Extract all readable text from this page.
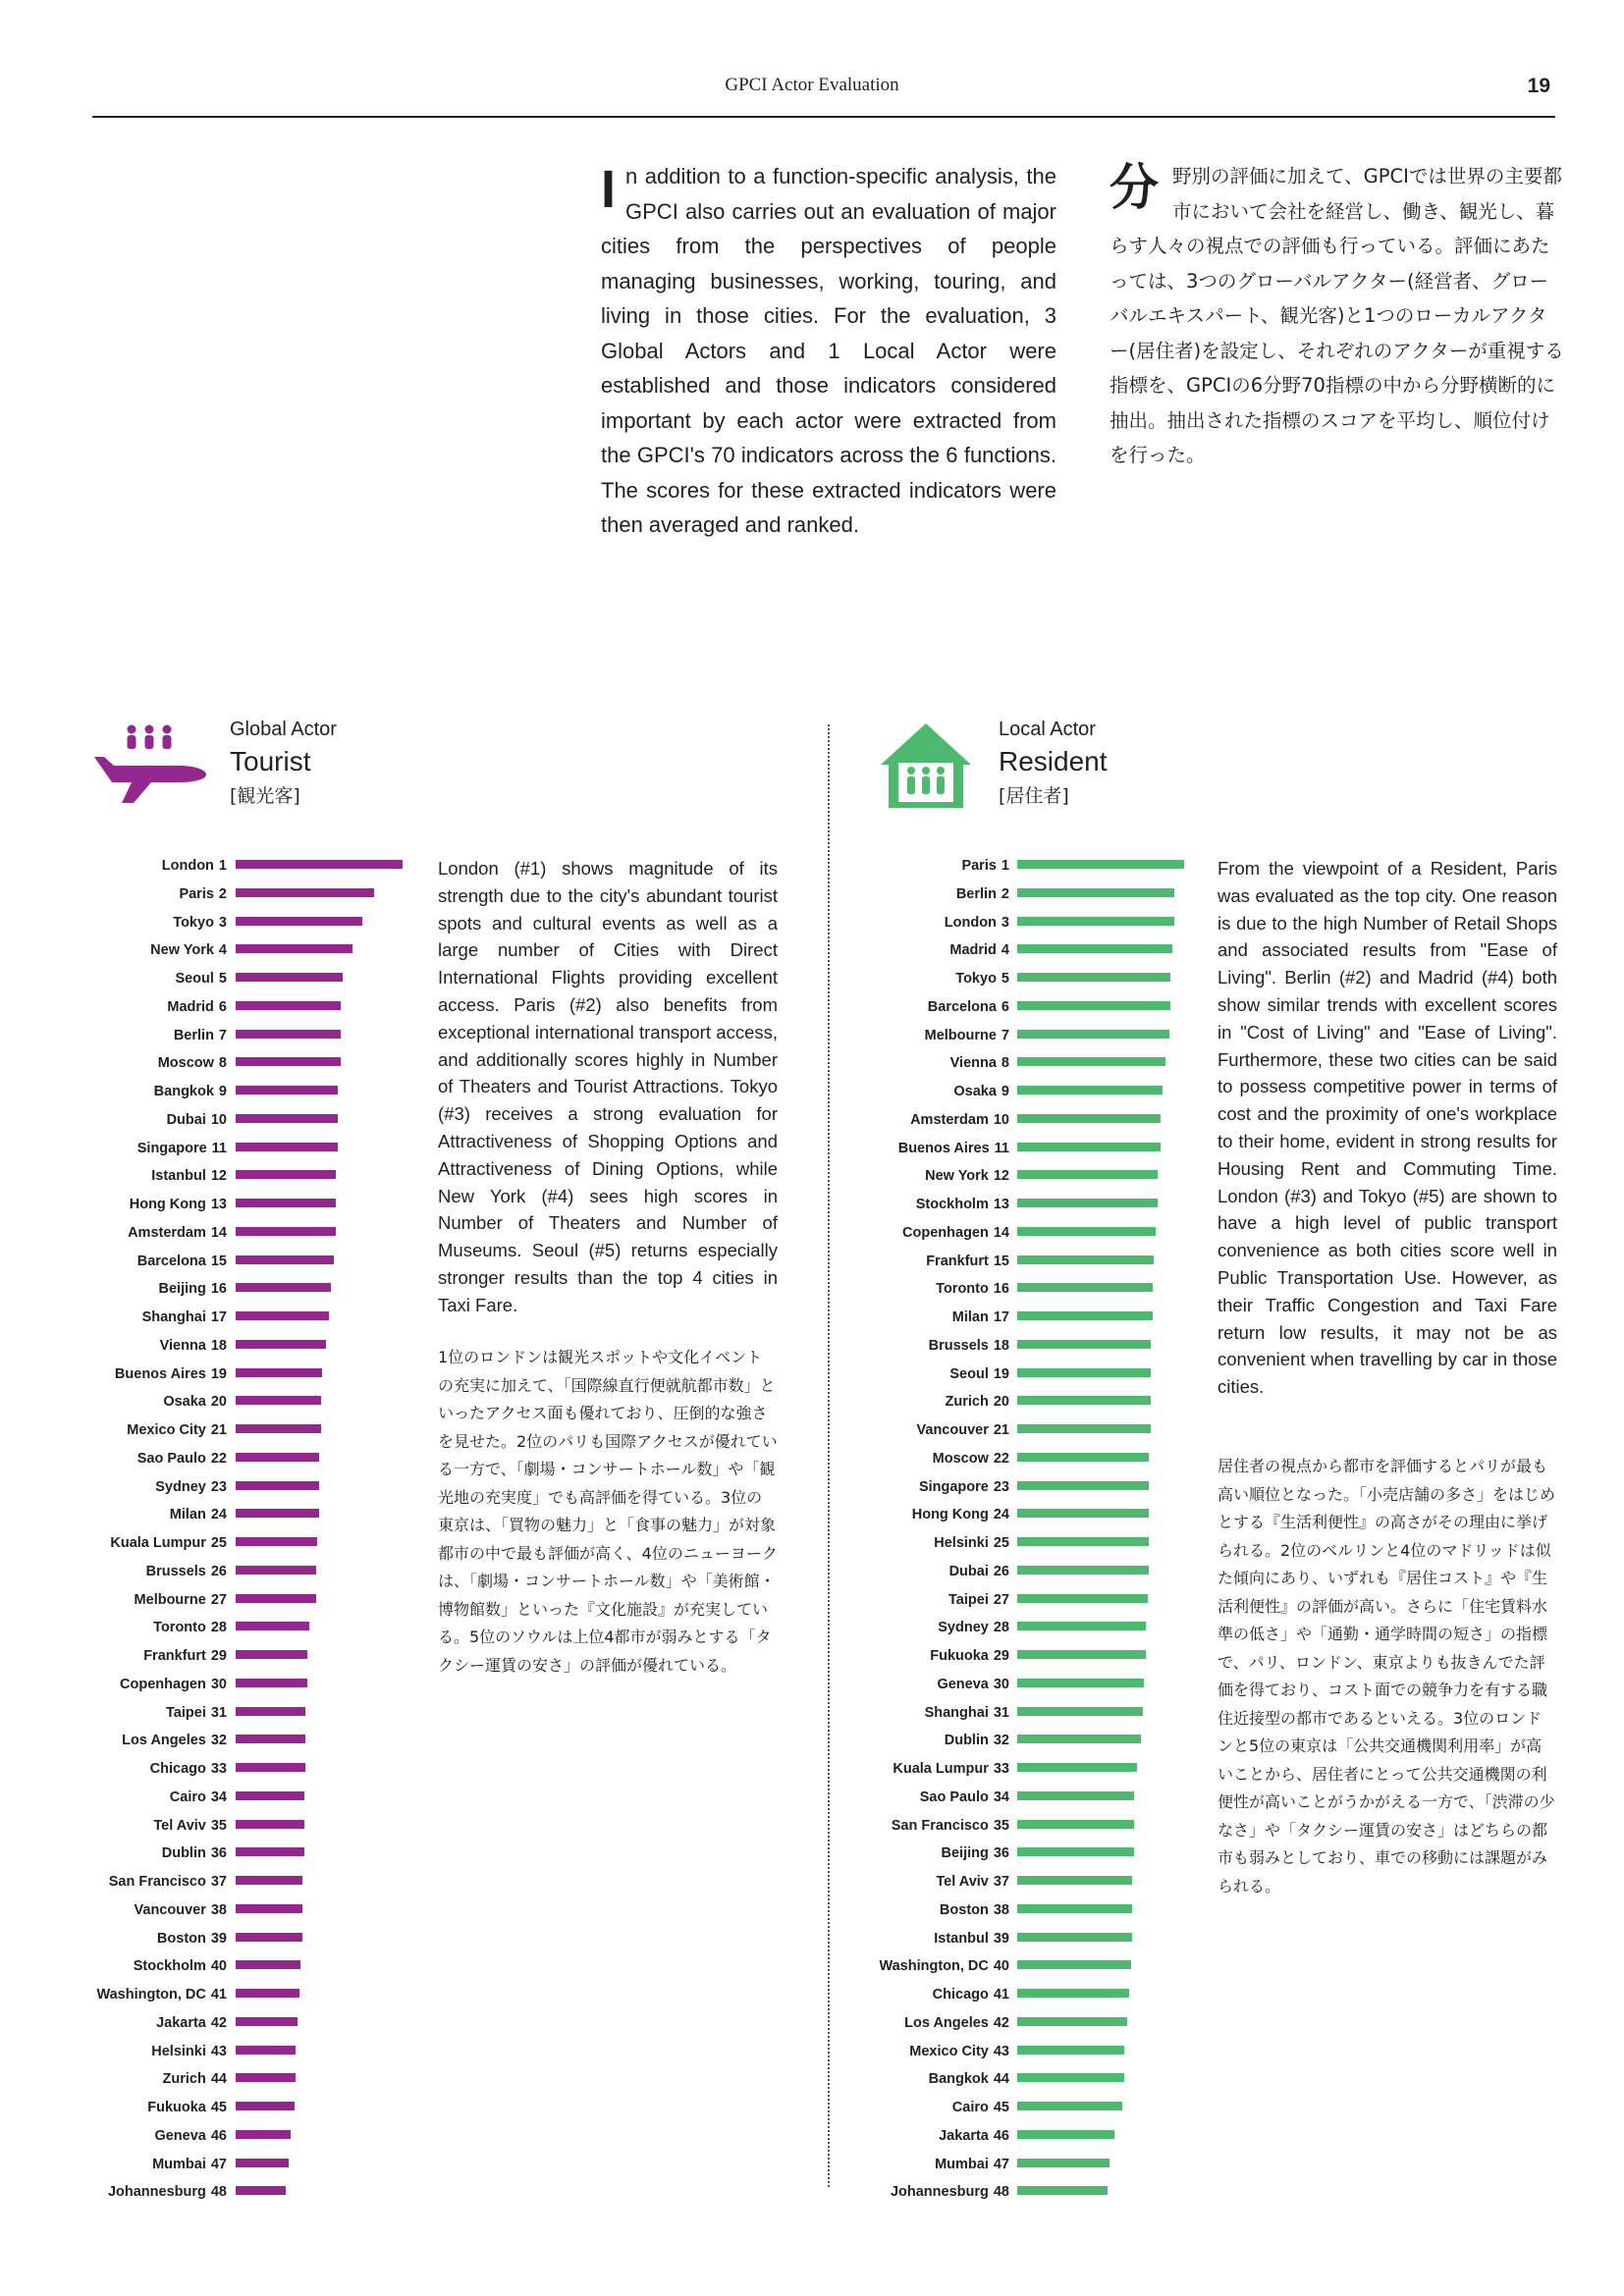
GPCI Actor Evaluation	19
In addition to a function-specific analysis, the GPCI also carries out an evaluation of major cities from the perspectives of people managing businesses, working, touring, and living in those cities. For the evaluation, 3 Global Actors and 1 Local Actor were established and those indicators considered important by each actor were extracted from the GPCI's 70 indicators across the 6 functions. The scores for these extracted indicators were then averaged and ranked.
分野別の評価に加えて、GPCIでは世界の主要都市において会社を経営し、働き、観光し、暮らす人々の視点での評価も行っている。評価にあたっては、3つのグローバルアクター(経営者、グローバルエキスパート、観光客)と1つのローカルアクター(居住者)を設定し、それぞれのアクターが重視する指標を、GPCIの6分野70指標の中から分野横断的に抽出。抽出された指標のスコアを平均し、順位付けを行った。
Global Actor
Tourist
[観光客]
Local Actor
Resident
[居住者]
London 1
Paris 2
Tokyo 3
New York 4
Seoul 5
Madrid 6
Berlin 7
Moscow 8
Bangkok 9
Dubai 10
Singapore 11
Istanbul 12
Hong Kong 13
Amsterdam 14
Barcelona 15
Beijing 16
Shanghai 17
Vienna 18
Buenos Aires 19
Osaka 20
Mexico City 21
Sao Paulo 22
Sydney 23
Milan 24
Kuala Lumpur 25
Brussels 26
Melbourne 27
Toronto 28
Frankfurt 29
Copenhagen 30
Taipei 31
Los Angeles 32
Chicago 33
Cairo 34
Tel Aviv 35
Dublin 36
San Francisco 37
Vancouver 38
Boston 39
Stockholm 40
Washington, DC 41
Jakarta 42
Helsinki 43
Zurich 44
Fukuoka 45
Geneva 46
Mumbai 47
Johannesburg 48
Paris 1
Berlin 2
London 3
Madrid 4
Tokyo 5
Barcelona 6
Melbourne 7
Vienna 8
Osaka 9
Amsterdam 10
Buenos Aires 11
New York 12
Stockholm 13
Copenhagen 14
Frankfurt 15
Toronto 16
Milan 17
Brussels 18
Seoul 19
Zurich 20
Vancouver 21
Moscow 22
Singapore 23
Hong Kong 24
Helsinki 25
Dubai 26
Taipei 27
Sydney 28
Fukuoka 29
Geneva 30
Shanghai 31
Dublin 32
Kuala Lumpur 33
Sao Paulo 34
San Francisco 35
Beijing 36
Tel Aviv 37
Boston 38
Istanbul 39
Washington, DC 40
Chicago 41
Los Angeles 42
Mexico City 43
Bangkok 44
Cairo 45
Jakarta 46
Mumbai 47
Johannesburg 48
London (#1) shows magnitude of its strength due to the city's abundant tourist spots and cultural events as well as a large number of Cities with Direct International Flights providing excellent access. Paris (#2) also benefits from exceptional international transport access, and additionally scores highly in Number of Theaters and Tourist Attractions. Tokyo (#3) receives a strong evaluation for Attractiveness of Shopping Options and Attractiveness of Dining Options, while New York (#4) sees high scores in Number of Theaters and Number of Museums. Seoul (#5) returns especially stronger results than the top 4 cities in Taxi Fare.
1位のロンドンは観光スポットや文化イベントの充実に加えて、「国際線直行便就航都市数」といったアクセス面も優れており、圧倒的な強さを見せた。2位のパリも国際アクセスが優れている一方で、「劇場・コンサートホール数」や「観光地の充実度」でも高評価を得ている。3位の東京は、「買物の魅力」と「食事の魅力」が対象都市の中で最も評価が高く、4位のニューヨークは、「劇場・コンサートホール数」や「美術館・博物館数」といった『文化施設』が充実している。5位のソウルは上位4都市が弱みとする「タクシー運賃の安さ」の評価が優れている。
From the viewpoint of a Resident, Paris was evaluated as the top city. One reason is due to the high Number of Retail Shops and associated results from "Ease of Living". Berlin (#2) and Madrid (#4) both show similar trends with excellent scores in "Cost of Living" and "Ease of Living". Furthermore, these two cities can be said to possess competitive power in terms of cost and the proximity of one's workplace to their home, evident in strong results for Housing Rent and Commuting Time. London (#3) and Tokyo (#5) are shown to have a high level of public transport convenience as both cities score well in Public Transportation Use. However, as their Traffic Congestion and Taxi Fare return low results, it may not be as convenient when travelling by car in those cities.
居住者の視点から都市を評価するとパリが最も高い順位となった。「小売店舗の多さ」をはじめとする『生活利便性』の高さがその理由に挙げられる。2位のベルリンと4位のマドリッドは似た傾向にあり、いずれも『居住コスト』や『生活利便性』の評価が高い。さらに「住宅賃料水準の低さ」や「通勤・通学時間の短さ」の指標で、パリ、ロンドン、東京よりも抜きんでた評価を得ており、コスト面での競争力を有する職住近接型の都市であるといえる。3位のロンドンと5位の東京は「公共交通機関利用率」が高いことから、居住者にとって公共交通機関の利便性が高いことがうかがえる一方で、「渋滞の少なさ」や「タクシー運賃の安さ」はどちらの都市も弱みとしており、車での移動には課題がみられる。
